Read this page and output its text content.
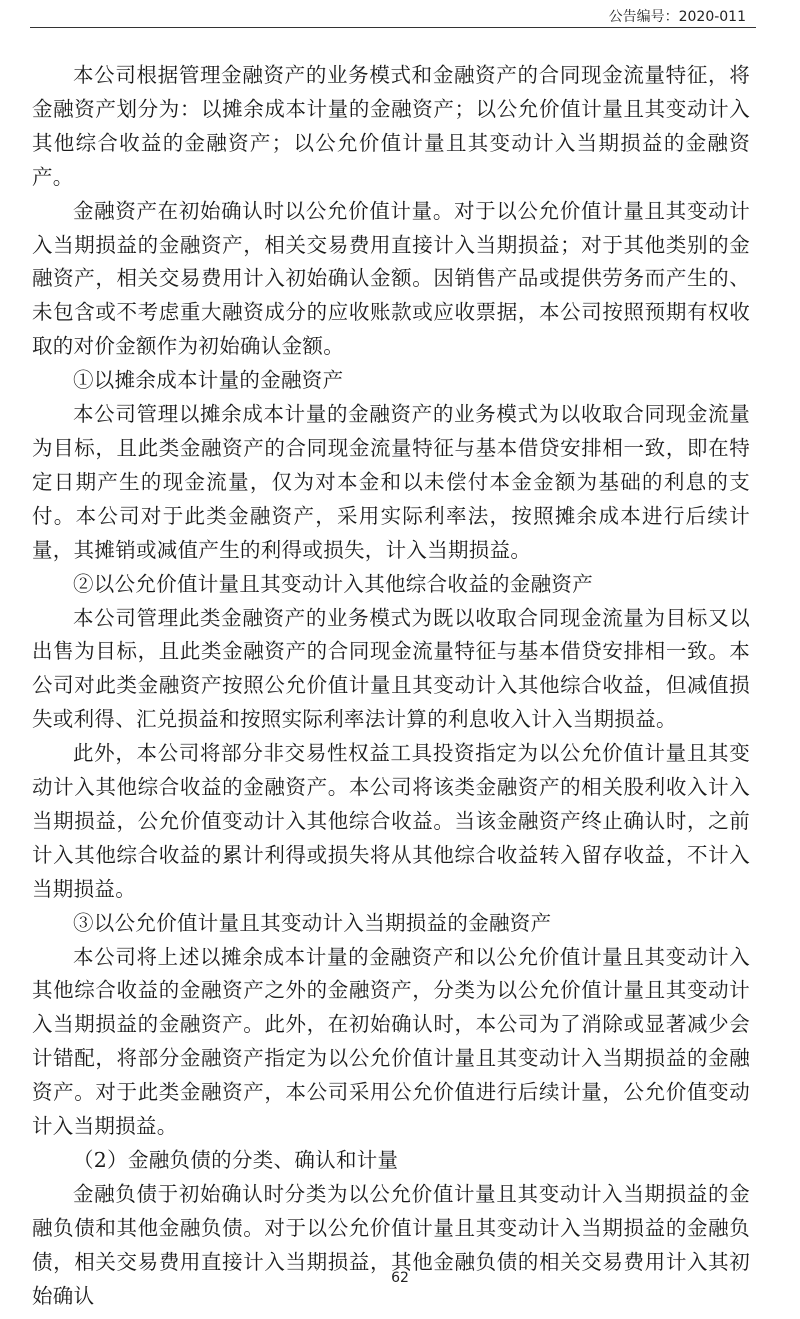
公告编号：2020-011

本公司根据管理金融资产的业务模式和金融资产的合同现金流量特征，将金融资产划分为：以摊余成本计量的金融资产；以公允价值计量且其变动计入其他综合收益的金融资产；以公允价值计量且其变动计入当期损益的金融资产。

金融资产在初始确认时以公允价值计量。对于以公允价值计量且其变动计入当期损益的金融资产，相关交易费用直接计入当期损益；对于其他类别的金融资产，相关交易费用计入初始确认金额。因销售产品或提供劳务而产生的、未包含或不考虑重大融资成分的应收账款或应收票据，本公司按照预期有权收取的对价金额作为初始确认金额。

①以摊余成本计量的金融资产

本公司管理以摊余成本计量的金融资产的业务模式为以收取合同现金流量为目标，且此类金融资产的合同现金流量特征与基本借贷安排相一致，即在特定日期产生的现金流量，仅为对本金和以未偿付本金金额为基础的利息的支付。本公司对于此类金融资产，采用实际利率法，按照摊余成本进行后续计量，其摊销或减值产生的利得或损失，计入当期损益。

②以公允价值计量且其变动计入其他综合收益的金融资产

本公司管理此类金融资产的业务模式为既以收取合同现金流量为目标又以出售为目标，且此类金融资产的合同现金流量特征与基本借贷安排相一致。本公司对此类金融资产按照公允价值计量且其变动计入其他综合收益，但减值损失或利得、汇兑损益和按照实际利率法计算的利息收入计入当期损益。

此外，本公司将部分非交易性权益工具投资指定为以公允价值计量且其变动计入其他综合收益的金融资产。本公司将该类金融资产的相关股利收入计入当期损益，公允价值变动计入其他综合收益。当该金融资产终止确认时，之前计入其他综合收益的累计利得或损失将从其他综合收益转入留存收益，不计入当期损益。

③以公允价值计量且其变动计入当期损益的金融资产

本公司将上述以摊余成本计量的金融资产和以公允价值计量且其变动计入其他综合收益的金融资产之外的金融资产，分类为以公允价值计量且其变动计入当期损益的金融资产。此外，在初始确认时，本公司为了消除或显著减少会计错配，将部分金融资产指定为以公允价值计量且其变动计入当期损益的金融资产。对于此类金融资产，本公司采用公允价值进行后续计量，公允价值变动计入当期损益。

（2）金融负债的分类、确认和计量

金融负债于初始确认时分类为以公允价值计量且其变动计入当期损益的金融负债和其他金融负债。对于以公允价值计量且其变动计入当期损益的金融负债，相关交易费用直接计入当期损益，其他金融负债的相关交易费用计入其初始确认

62
